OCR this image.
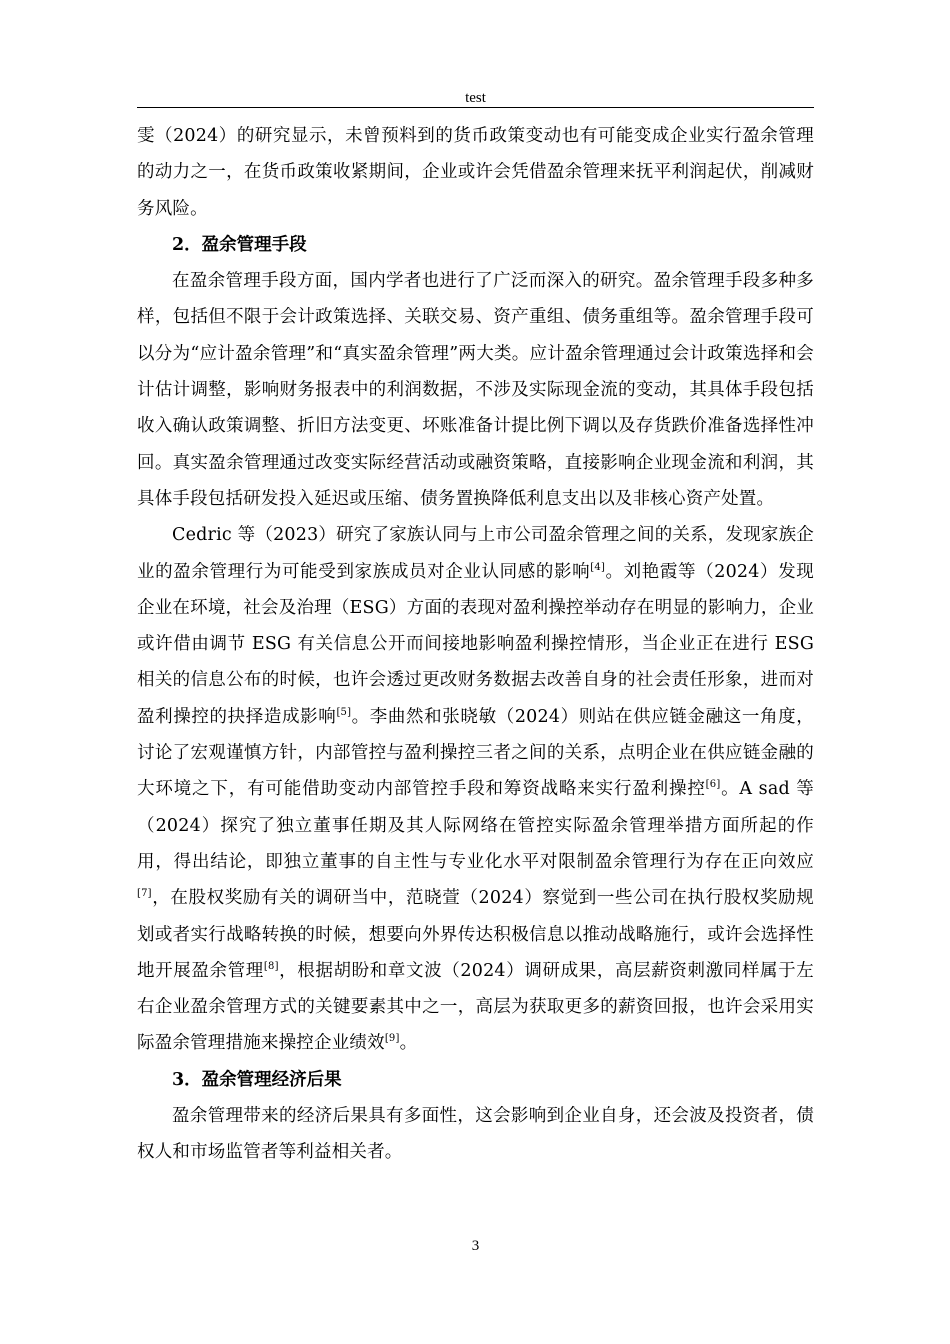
test

雯（2024）的研究显示，未曾预料到的货币政策变动也有可能变成企业实行盈余管理的动力之一，在货币政策收紧期间，企业或许会凭借盈余管理来抚平利润起伏，削减财务风险。

2．盈余管理手段

在盈余管理手段方面，国内学者也进行了广泛而深入的研究。盈余管理手段多种多样，包括但不限于会计政策选择、关联交易、资产重组、债务重组等。盈余管理手段可以分为“应计盈余管理”和“真实盈余管理”两大类。应计盈余管理通过会计政策选择和会计估计调整，影响财务报表中的利润数据，不涉及实际现金流的变动，其具体手段包括收入确认政策调整、折旧方法变更、坏账准备计提比例下调以及存货跌价准备选择性冲回。真实盈余管理通过改变实际经营活动或融资策略，直接影响企业现金流和利润，其具体手段包括研发投入延迟或压缩、债务置换降低利息支出以及非核心资产处置。

Cedric 等（2023）研究了家族认同与上市公司盈余管理之间的关系，发现家族企业的盈余管理行为可能受到家族成员对企业认同感的影响[4]。刘艳霞等（2024）发现企业在环境，社会及治理（ESG）方面的表现对盈利操控举动存在明显的影响力，企业或许借由调节 ESG 有关信息公开而间接地影响盈利操控情形，当企业正在进行 ESG 相关的信息公布的时候，也许会透过更改财务数据去改善自身的社会责任形象，进而对盈利操控的抉择造成影响[5]。李曲然和张晓敏（2024）则站在供应链金融这一角度，讨论了宏观谨慎方针，内部管控与盈利操控三者之间的关系，点明企业在供应链金融的大环境之下，有可能借助变动内部管控手段和筹资战略来实行盈利操控[6]。A sad 等（2024）探究了独立董事任期及其人际网络在管控实际盈余管理举措方面所起的作用，得出结论，即独立董事的自主性与专业化水平对限制盈余管理行为存在正向效应[7]，在股权奖励有关的调研当中，范晓萱（2024）察觉到一些公司在执行股权奖励规划或者实行战略转换的时候，想要向外界传达积极信息以推动战略施行，或许会选择性地开展盈余管理[8]，根据胡盼和章文波（2024）调研成果，高层薪资刺激同样属于左右企业盈余管理方式的关键要素其中之一，高层为获取更多的薪资回报，也许会采用实际盈余管理措施来操控企业绩效[9]。

3．盈余管理经济后果

盈余管理带来的经济后果具有多面性，这会影响到企业自身，还会波及投资者，债权人和市场监管者等利益相关者。

3
